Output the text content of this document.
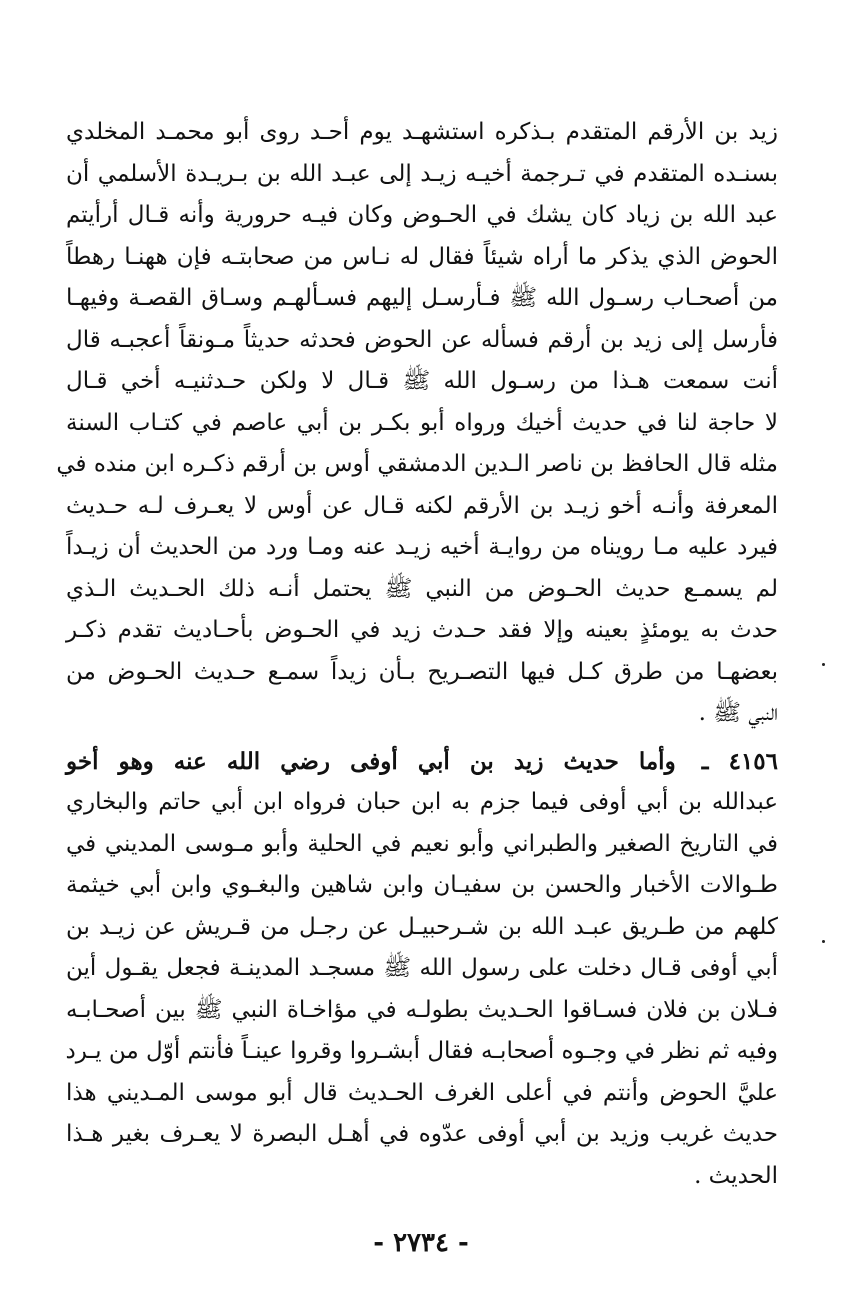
زيد بن الأرقم المتقدم بـذكره استشهـد يوم أحـد روى أبو محمـد المخلدي
بسنـده المتقدم في تـرجمة أخيـه زيـد إلى عبـد الله بن بـريـدة الأسلمي أن
عبد الله بن زياد كان يشك في الحـوض وكان فيـه حرورية وأنه قـال أرأيتم
الحوض الذي يذكر ما أراه شيئاً فقال له نـاس من صحابتـه فإن ههنـا رهطاً
من أصحـاب رسـول الله ﷺ فـأرسـل إليهم فسـألهـم وسـاق القصـة وفيهـا
فأرسل إلى زيد بن أرقم فسأله عن الحوض فحدثه حديثاً مـونقاً أعجبـه قال
أنت سمعت هـذا من رسـول الله ﷺ قـال لا ولكن حـدثنيـه أخي قـال
لا حاجة لنا في حديث أخيك ورواه أبو بكـر بن أبي عاصم في كتـاب السنة
مثله قال الحافظ بن ناصر الـدين الدمشقي أوس بن أرقم ذكـره ابن منده في
المعرفة وأنـه أخو زيـد بن الأرقم لكنه قـال عن أوس لا يعـرف لـه حـديث
فيرد عليه مـا رويناه من روايـة أخيه زيـد عنه ومـا ورد من الحديث أن زيـداً
لم يسمـع حديث الحـوض من النبي ﷺ يحتمل أنـه ذلك الحـديث الـذي
حدث به يومئذٍ بعينه وإلا فقد حـدث زيد في الحـوض بأحـاديث تقدم ذكـر
بعضهـا من طرق كـل فيها التصـريح بـأن زيداً سمـع حـديث الحـوض من
النبي ﷺ .
٤١٥٦ ـ وأما حديث زيد بن أبي أوفى رضي الله عنه وهو أخو
عبدالله بن أبي أوفى فيما جزم به ابن حبان فرواه ابن أبي حاتم والبخاري
في التاريخ الصغير والطبراني وأبو نعيم في الحلية وأبو مـوسى المديني في
طـوالات الأخبار والحسن بن سفيـان وابن شاهين والبغـوي وابن أبي خيثمة
كلهم من طـريق عبـد الله بن شـرحبيـل عن رجـل من قـريش عن زيـد بن
أبي أوفى قـال دخلت على رسول الله ﷺ مسجـد المدينـة فجعل يقـول أين
فـلان بن فلان فسـاقوا الحـديث بطولـه في مؤاخـاة النبي ﷺ بين أصحـابـه
وفيه ثم نظر في وجـوه أصحابـه فقال أبشـروا وقروا عينـاً فأنتم أوّل من يـرد
عليَّ الحوض وأنتم في أعلى الغرف الحـديث قال أبو موسى المـديني هذا
حديث غريب وزيد بن أبي أوفى عدّوه في أهـل البصرة لا يعـرف بغير هـذا
الحديث .
- ٢٧٣٤ -
